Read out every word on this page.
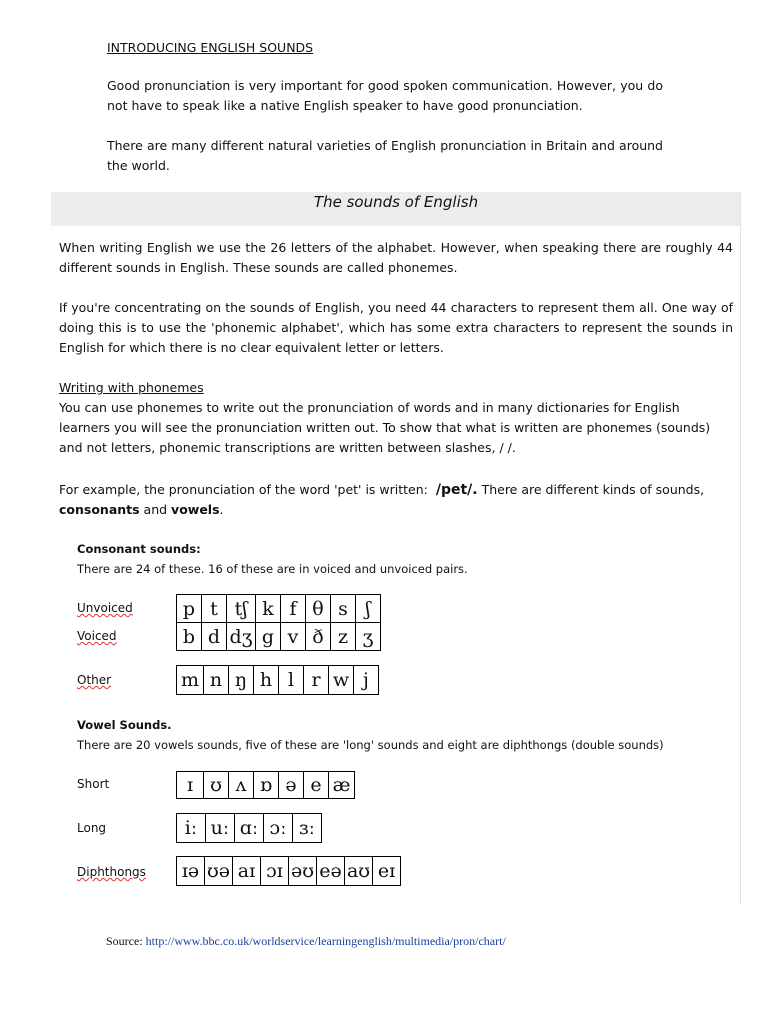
INTRODUCING ENGLISH SOUNDS
Good pronunciation is very important for good spoken communication. However, you do not have to speak like a native English speaker to have good pronunciation.
There are many different natural varieties of English pronunciation in Britain and around the world.
The sounds of English
When writing English we use the 26 letters of the alphabet. However, when speaking there are roughly 44 different sounds in English. These sounds are called phonemes.
If you're concentrating on the sounds of English, you need 44 characters to represent them all. One way of doing this is to use the 'phonemic alphabet', which has some extra characters to represent the sounds in English for which there is no clear equivalent letter or letters.
Writing with phonemes
You can use phonemes to write out the pronunciation of words and in many dictionaries for English learners you will see the pronunciation written out. To show that what is written are phonemes (sounds) and not letters, phonemic transcriptions are written between slashes, / /.
For example, the pronunciation of the word 'pet' is written:  /pet/. There are different kinds of sounds,
consonants and vowels.
Consonant sounds:
There are 24 of these. 16 of these are in voiced and unvoiced pairs.
Unvoiced
Voiced
Other
p t tʃ k f θ s ʃ
b d dʒ g v ð z ʒ
m n ŋ h l r w j
Vowel Sounds.
There are 20 vowels sounds, five of these are 'long' sounds and eight are diphthongs (double sounds)
Short
Long
Diphthongs
ɪ ʊ ʌ ɒ ə e æ
iː uː ɑː ɔː ɜː
ɪə ʊə aɪ ɔɪ əʊ eə aʊ eɪ
Source: http://www.bbc.co.uk/worldservice/learningenglish/multimedia/pron/chart/
